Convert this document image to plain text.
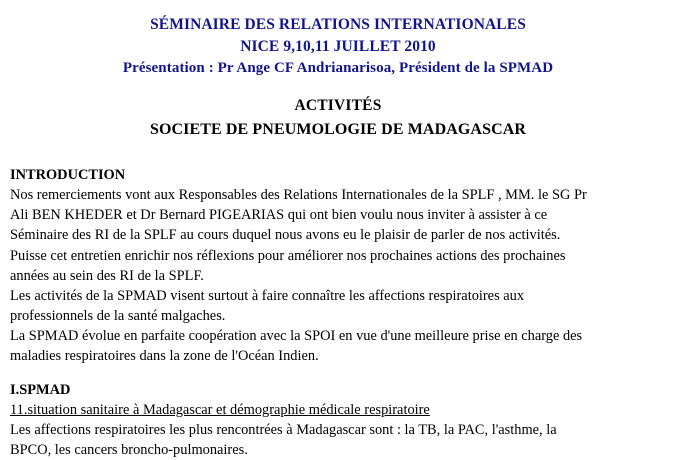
SÉMINAIRE DES RELATIONS INTERNATIONALES
NICE 9,10,11 JUILLET 2010
Présentation : Pr Ange CF Andrianarisoa, Président de la SPMAD
ACTIVITÉS
SOCIETE DE PNEUMOLOGIE DE MADAGASCAR
INTRODUCTION
Nos remerciements vont aux Responsables des Relations Internationales de la SPLF , MM. le SG Pr
Ali BEN KHEDER et Dr Bernard PIGEARIAS qui ont bien voulu nous inviter à assister à ce
Séminaire des RI de la SPLF au cours duquel nous avons eu le plaisir de parler de nos activités.
Puisse cet entretien enrichir nos réflexions pour améliorer nos prochaines actions des prochaines
années au sein des RI de la SPLF.
Les activités de la SPMAD visent surtout à faire connaître les affections respiratoires aux
professionnels de la santé malgaches.
La SPMAD évolue en parfaite coopération avec la SPOI en vue d'une meilleure prise en charge des
maladies respiratoires dans la zone de l'Océan Indien.
I.SPMAD
11.situation sanitaire à Madagascar et démographie médicale respiratoire
Les affections respiratoires les plus rencontrées à Madagascar sont : la TB, la PAC, l'asthme, la
BPCO, les cancers broncho-pulmonaires.
